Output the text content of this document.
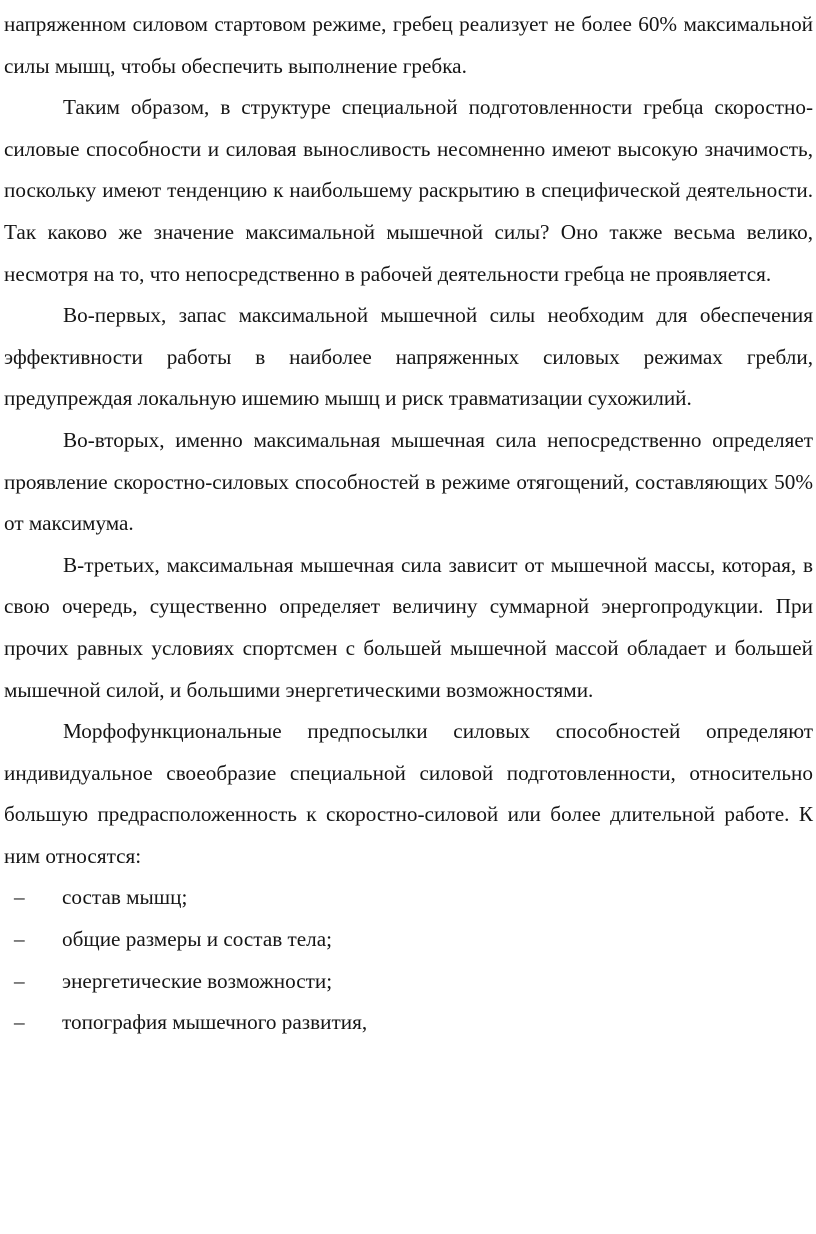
напряженном силовом стартовом режиме, гребец реализует не более 60% максимальной силы мышц, чтобы обеспечить выполнение гребка.

Таким образом, в структуре специальной подготовленности гребца скоростно-силовые способности и силовая выносливость несомненно имеют высокую значимость, поскольку имеют тенденцию к наибольшему раскрытию в специфической деятельности. Так каково же значение максимальной мышечной силы? Оно также весьма велико, несмотря на то, что непосредственно в рабочей деятельности гребца не проявляется.

Во-первых, запас максимальной мышечной силы необходим для обеспечения эффективности работы в наиболее напряженных силовых режимах гребли, предупреждая локальную ишемию мышц и риск травматизации сухожилий.

Во-вторых, именно максимальная мышечная сила непосредственно определяет проявление скоростно-силовых способностей в режиме отягощений, составляющих 50% от максимума.

В-третьих, максимальная мышечная сила зависит от мышечной массы, которая, в свою очередь, существенно определяет величину суммарной энергопродукции. При прочих равных условиях спортсмен с большей мышечной массой обладает и большей мышечной силой, и большими энергетическими возможностями.

Морфофункциональные предпосылки силовых способностей определяют индивидуальное своеобразие специальной силовой подготовленности, относительно большую предрасположенность к скоростно-силовой или более длительной работе. К ним относятся:

– состав мышц;
– общие размеры и состав тела;
– энергетические возможности;
– топография мышечного развития,
